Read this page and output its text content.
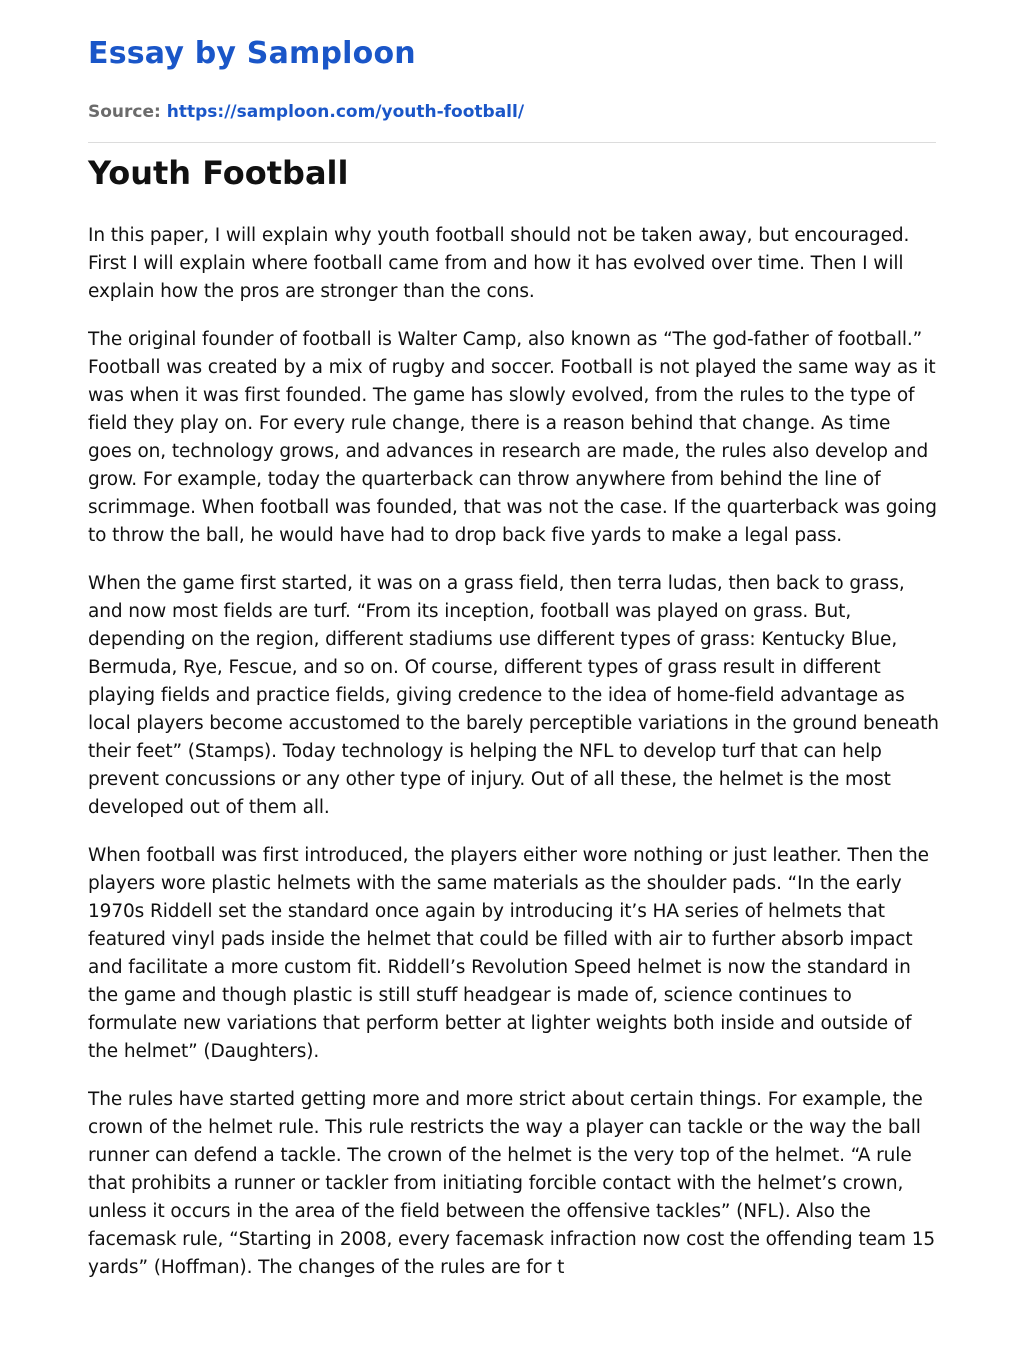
Essay by Samploon
Source: https://samploon.com/youth-football/
Youth Football

In this paper, I will explain why youth football should not be taken away, but encouraged. First I will explain where football came from and how it has evolved over time. Then I will explain how the pros are stronger than the cons.

The original founder of football is Walter Camp, also known as “The god-father of football.” Football was created by a mix of rugby and soccer. Football is not played the same way as it was when it was first founded. The game has slowly evolved, from the rules to the type of field they play on. For every rule change, there is a reason behind that change. As time goes on, technology grows, and advances in research are made, the rules also develop and grow. For example, today the quarterback can throw anywhere from behind the line of scrimmage. When football was founded, that was not the case. If the quarterback was going to throw the ball, he would have had to drop back five yards to make a legal pass.

When the game first started, it was on a grass field, then terra ludas, then back to grass, and now most fields are turf. “From its inception, football was played on grass. But, depending on the region, different stadiums use different types of grass: Kentucky Blue, Bermuda, Rye, Fescue, and so on. Of course, different types of grass result in different playing fields and practice fields, giving credence to the idea of home-field advantage as local players become accustomed to the barely perceptible variations in the ground beneath their feet” (Stamps). Today technology is helping the NFL to develop turf that can help prevent concussions or any other type of injury. Out of all these, the helmet is the most developed out of them all.

When football was first introduced, the players either wore nothing or just leather. Then the players wore plastic helmets with the same materials as the shoulder pads. “In the early 1970s Riddell set the standard once again by introducing it’s HA series of helmets that featured vinyl pads inside the helmet that could be filled with air to further absorb impact and facilitate a more custom fit. Riddell’s Revolution Speed helmet is now the standard in the game and though plastic is still stuff headgear is made of, science continues to formulate new variations that perform better at lighter weights both inside and outside of the helmet” (Daughters).

The rules have started getting more and more strict about certain things. For example, the crown of the helmet rule. This rule restricts the way a player can tackle or the way the ball runner can defend a tackle. The crown of the helmet is the very top of the helmet. “A rule that prohibits a runner or tackler from initiating forcible contact with the helmet’s crown, unless it occurs in the area of the field between the offensive tackles” (NFL). Also the facemask rule, “Starting in 2008, every facemask infraction now cost the offending team 15 yards” (Hoffman). The changes of the rules are for t
